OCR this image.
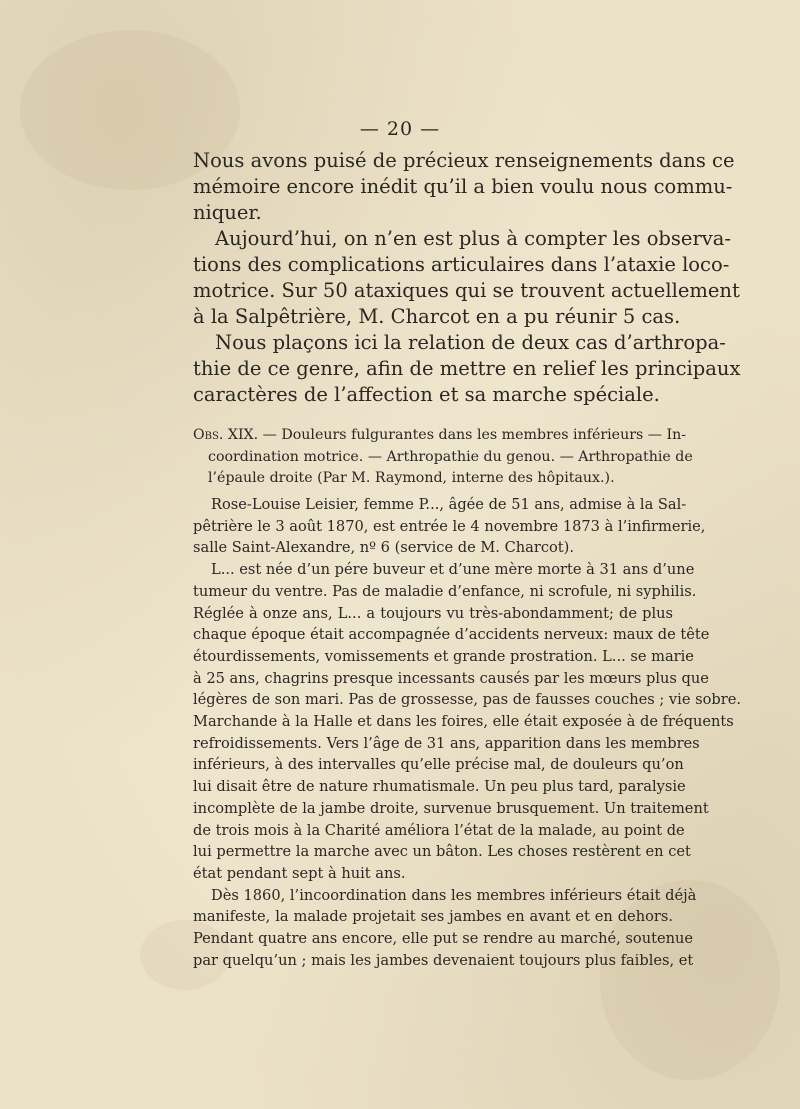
— 20 —

Nous avons puisé de précieux renseignements dans ce
mémoire encore inédit qu’il a bien voulu nous commu-
niquer.

Aujourd’hui, on n’en est plus à compter les observa-
tions des complications articulaires dans l’ataxie loco-
motrice. Sur 50 ataxiques qui se trouvent actuellement
à la Salpêtrière, M. Charcot en a pu réunir 5 cas.

Nous plaçons ici la relation de deux cas d’arthropa-
thie de ce genre, afin de mettre en relief les principaux
caractères de l’affection et sa marche spéciale.

Obs. XIX. — Douleurs fulgurantes dans les membres inférieurs — In-
coordination motrice. — Arthropathie du genou. — Arthropathie de
l’épaule droite (Par M. Raymond, interne des hôpitaux.).

Rose-Louise Leisier, femme P..., âgée de 51 ans, admise à la Sal-
pêtrière le 3 août 1870, est entrée le 4 novembre 1873 à l’infirmerie,
salle Saint-Alexandre, nº 6 (service de M. Charcot).

L... est née d’un pére buveur et d’une mère morte à 31 ans d’une
tumeur du ventre. Pas de maladie d’enfance, ni scrofule, ni syphilis.
Réglée à onze ans, L... a toujours vu très-abondamment; de plus
chaque époque était accompagnée d’accidents nerveux: maux de tête
étourdissements, vomissements et grande prostration. L... se marie
à 25 ans, chagrins presque incessants causés par les mœurs plus que
légères de son mari. Pas de grossesse, pas de fausses couches ; vie sobre.
Marchande à la Halle et dans les foires, elle était exposée à de fréquents
refroidissements. Vers l’âge de 31 ans, apparition dans les membres
inférieurs, à des intervalles qu’elle précise mal, de douleurs qu’on
lui disait être de nature rhumatismale. Un peu plus tard, paralysie
incomplète de la jambe droite, survenue brusquement. Un traitement
de trois mois à la Charité améliora l’état de la malade, au point de
lui permettre la marche avec un bâton. Les choses restèrent en cet
état pendant sept à huit ans.

Dès 1860, l’incoordination dans les membres inférieurs était déjà
manifeste, la malade projetait ses jambes en avant et en dehors.
Pendant quatre ans encore, elle put se rendre au marché, soutenue
par quelqu’un ; mais les jambes devenaient toujours plus faibles, et
